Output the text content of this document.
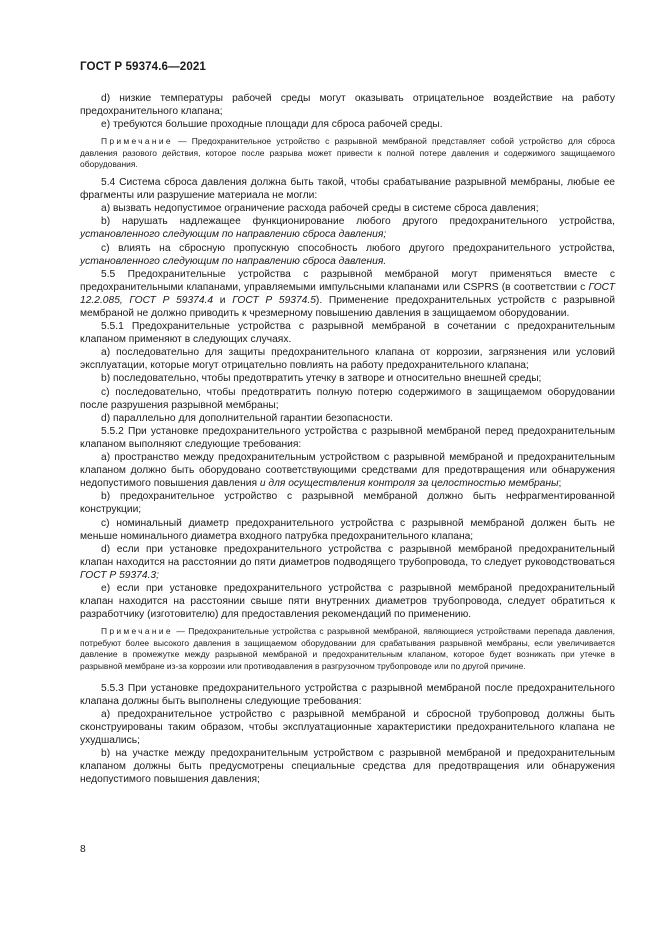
ГОСТ Р 59374.6—2021

d) низкие температуры рабочей среды могут оказывать отрицательное воздействие на работу предохранительного клапана;

e) требуются большие проходные площади для сброса рабочей среды.

Примечание — Предохранительное устройство с разрывной мембраной представляет собой устройство для сброса давления разового действия, которое после разрыва может привести к полной потере давления и содержимого защищаемого оборудования.

5.4 Система сброса давления должна быть такой, чтобы срабатывание разрывной мембраны, любые ее фрагменты или разрушение материала не могли:

a) вызвать недопустимое ограничение расхода рабочей среды в системе сброса давления;

b) нарушать надлежащее функционирование любого другого предохранительного устройства, установленного следующим по направлению сброса давления;

c) влиять на сбросную пропускную способность любого другого предохранительного устройства, установленного следующим по направлению сброса давления.

5.5 Предохранительные устройства с разрывной мембраной могут применяться вместе с предохранительными клапанами, управляемыми импульсными клапанами или CSPRS (в соответствии с ГОСТ 12.2.085, ГОСТ Р 59374.4 и ГОСТ Р 59374.5). Применение предохранительных устройств с разрывной мембраной не должно приводить к чрезмерному повышению давления в защищаемом оборудовании.

5.5.1 Предохранительные устройства с разрывной мембраной в сочетании с предохранительным клапаном применяют в следующих случаях.

a) последовательно для защиты предохранительного клапана от коррозии, загрязнения или условий эксплуатации, которые могут отрицательно повлиять на работу предохранительного клапана;

b) последовательно, чтобы предотвратить утечку в затворе и относительно внешней среды;

c) последовательно, чтобы предотвратить полную потерю содержимого в защищаемом оборудовании после разрушения разрывной мембраны;

d) параллельно для дополнительной гарантии безопасности.

5.5.2 При установке предохранительного устройства с разрывной мембраной перед предохранительным клапаном выполняют следующие требования:

a) пространство между предохранительным устройством с разрывной мембраной и предохранительным клапаном должно быть оборудовано соответствующими средствами для предотвращения или обнаружения недопустимого повышения давления и для осуществления контроля за целостностью мембраны;

b) предохранительное устройство с разрывной мембраной должно быть нефрагментированной конструкции;

c) номинальный диаметр предохранительного устройства с разрывной мембраной должен быть не меньше номинального диаметра входного патрубка предохранительного клапана;

d) если при установке предохранительного устройства с разрывной мембраной предохранительный клапан находится на расстоянии до пяти диаметров подводящего трубопровода, то следует руководствоваться ГОСТ Р 59374.3;

e) если при установке предохранительного устройства с разрывной мембраной предохранительный клапан находится на расстоянии свыше пяти внутренних диаметров трубопровода, следует обратиться к разработчику (изготовителю) для предоставления рекомендаций по применению.

Примечание — Предохранительные устройства с разрывной мембраной, являющиеся устройствами перепада давления, потребуют более высокого давления в защищаемом оборудовании для срабатывания разрывной мембраны, если увеличивается давление в промежутке между разрывной мембраной и предохранительным клапаном, которое будет возникать при утечке в разрывной мембране из-за коррозии или противодавления в разгрузочном трубопроводе или по другой причине.

5.5.3 При установке предохранительного устройства с разрывной мембраной после предохранительного клапана должны быть выполнены следующие требования:

a) предохранительное устройство с разрывной мембраной и сбросной трубопровод должны быть сконструированы таким образом, чтобы эксплуатационные характеристики предохранительного клапана не ухудшались;

b) на участке между предохранительным устройством с разрывной мембраной и предохранительным клапаном должны быть предусмотрены специальные средства для предотвращения или обнаружения недопустимого повышения давления;

8
